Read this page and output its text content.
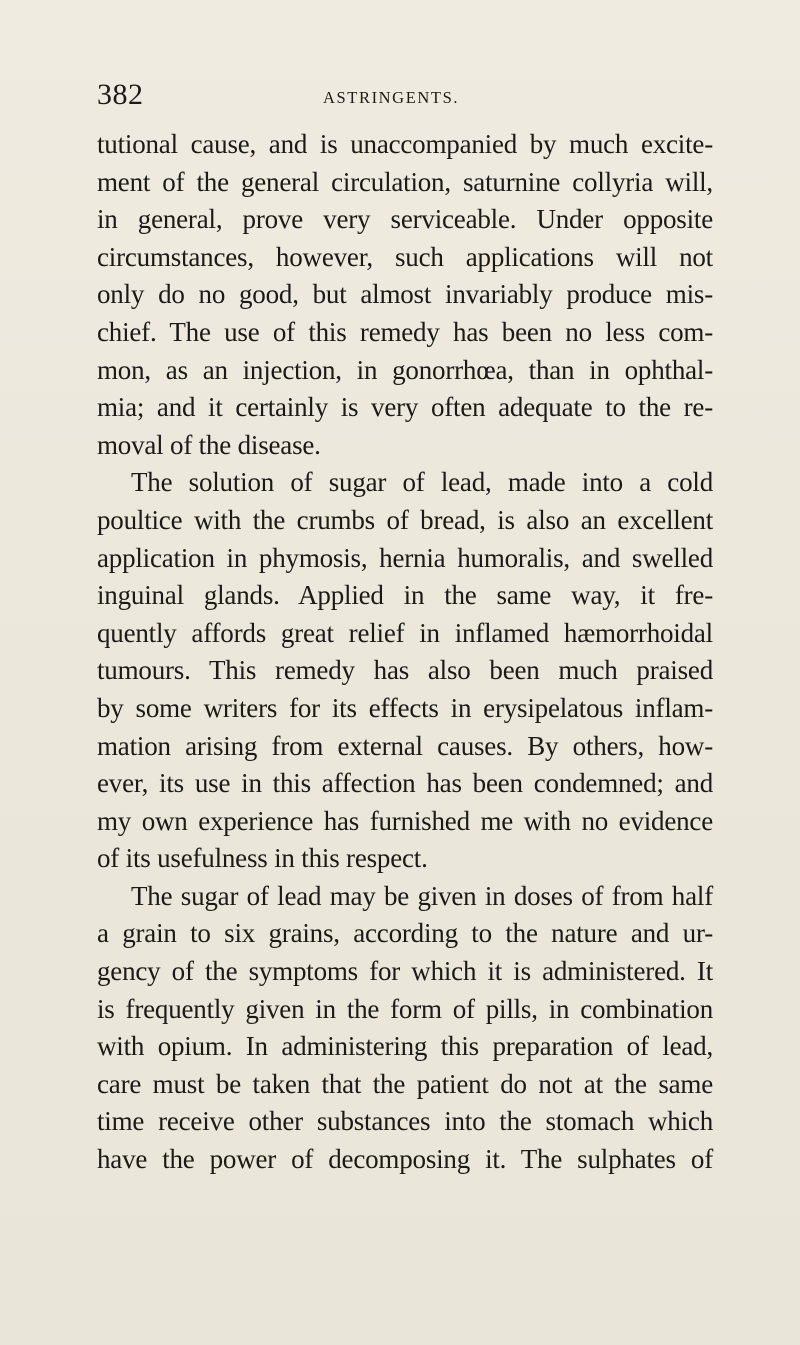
382	ASTRINGENTS.
tutional cause, and is unaccompanied by much excite-
ment of the general circulation, saturnine collyria will,
in general, prove very serviceable. Under opposite
circumstances, however, such applications will not
only do no good, but almost invariably produce mis-
chief. The use of this remedy has been no less com-
mon, as an injection, in gonorrhœa, than in ophthal-
mia; and it certainly is very often adequate to the re-
moval of the disease.
The solution of sugar of lead, made into a cold
poultice with the crumbs of bread, is also an excellent
application in phymosis, hernia humoralis, and swelled
inguinal glands. Applied in the same way, it fre-
quently affords great relief in inflamed hæmorrhoidal
tumours. This remedy has also been much praised
by some writers for its effects in erysipelatous inflam-
mation arising from external causes. By others, how-
ever, its use in this affection has been condemned; and
my own experience has furnished me with no evidence
of its usefulness in this respect.
The sugar of lead may be given in doses of from half
a grain to six grains, according to the nature and ur-
gency of the symptoms for which it is administered. It
is frequently given in the form of pills, in combination
with opium. In administering this preparation of lead,
care must be taken that the patient do not at the same
time receive other substances into the stomach which
have the power of decomposing it. The sulphates of
